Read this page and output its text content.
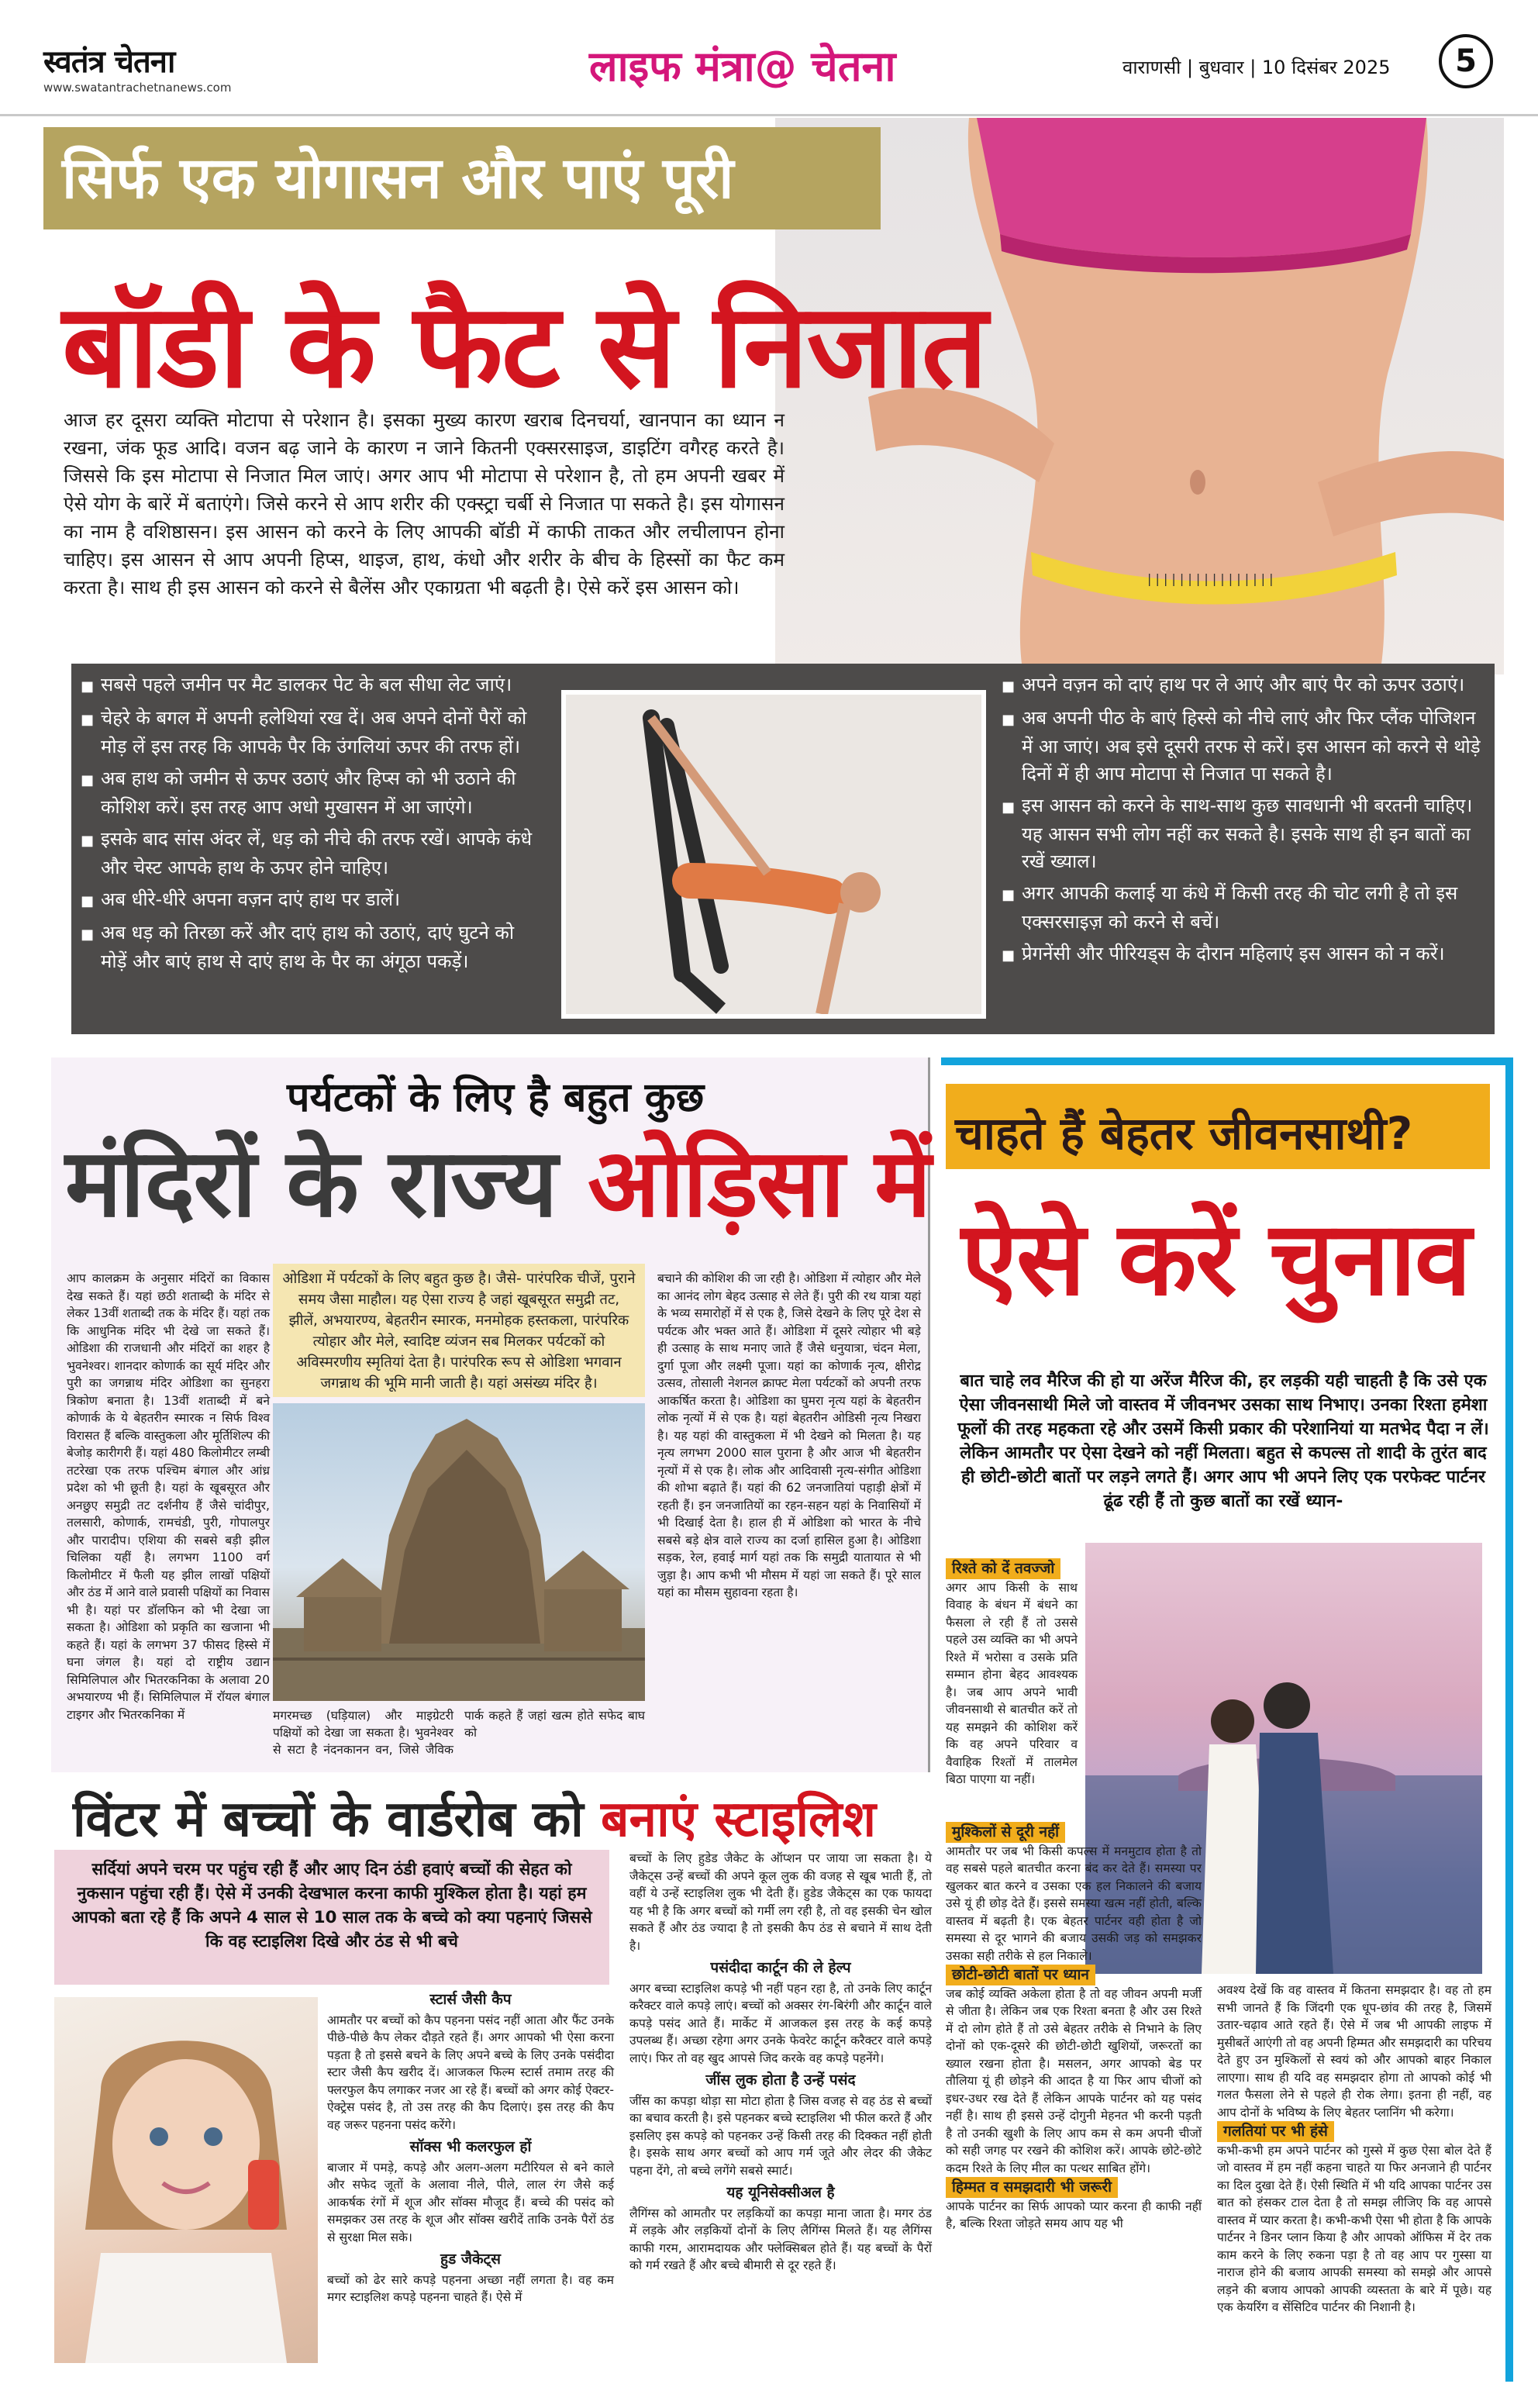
स्वतंत्र चेतना
www.swatantrachetnanews.com	लाइफ मंत्रा@ चेतना	वाराणसी | बुधवार | 10 दिसंबर 2025	5
| | | | | | | | | | | | | | | |
सिर्फ एक योगासन और पाएं पूरी
बॉडी के फैट से निजात
आज हर दूसरा व्यक्ति मोटापा से परेशान है। इसका मुख्य कारण खराब दिनचर्या, खानपान का ध्यान न रखना, जंक फूड आदि। वजन बढ़ जाने के कारण न जाने कितनी एक्सरसाइज, डाइटिंग वगैरह करते है। जिससे कि इस मोटापा से निजात मिल जाएं। अगर आप भी मोटापा से परेशान है, तो हम अपनी खबर में ऐसे योग के बारें में बताएंगे। जिसे करने से आप शरीर की एक्स्ट्रा चर्बी से निजात पा सकते है। इस योगासन का नाम है वशिष्ठासन। इस आसन को करने के लिए आपकी बॉडी में काफी ताकत और लचीलापन होना चाहिए। इस आसन से आप अपनी हिप्स, थाइज, हाथ, कंधो और शरीर के बीच के हिस्सों का फैट कम करता है। साथ ही इस आसन को करने से बैलेंस और एकाग्रता भी बढ़ती है। ऐसे करें इस आसन को।
■ सबसे पहले जमीन पर मैट डालकर पेट के बल सीधा लेट जाएं।
■ चेहरे के बगल में अपनी हलेथियां रख दें। अब अपने दोनों पैरों को मोड़ लें इस तरह कि आपके पैर कि उंगलियां ऊपर की तरफ हों।
■ अब हाथ को जमीन से ऊपर उठाएं और हिप्स को भी उठाने की कोशिश करें। इस तरह आप अधो मुखासन में आ जाएंगे।
■ इसके बाद सांस अंदर लें, धड़ को नीचे की तरफ रखें। आपके कंधे और चेस्ट आपके हाथ के ऊपर होने चाहिए।
■ अब धीरे-धीरे अपना वज़न दाएं हाथ पर डालें।
■ अब धड़ को तिरछा करें और दाएं हाथ को उठाएं, दाएं घुटने को मोड़ें और बाएं हाथ से दाएं हाथ के पैर का अंगूठा पकड़ें।
■ अपने वज़न को दाएं हाथ पर ले आएं और बाएं पैर को ऊपर उठाएं।
■ अब अपनी पीठ के बाएं हिस्से को नीचे लाएं और फिर प्लैंक पोजिशन में आ जाएं। अब इसे दूसरी तरफ से करें। इस आसन को करने से थोड़े दिनों में ही आप मोटापा से निजात पा सकते है।
■ इस आसन को करने के साथ-साथ कुछ सावधानी भी बरतनी चाहिए। यह आसन सभी लोग नहीं कर सकते है। इसके साथ ही इन बातों का रखें ख्याल।
■ अगर आपकी कलाई या कंधे में किसी तरह की चोट लगी है तो इस एक्सरसाइज़ को करने से बचें।
■ प्रेगनेंसी और पीरियड्स के दौरान महिलाएं इस आसन को न करें।
पर्यटकों के लिए है बहुत कुछ
मंदिरों के राज्य ओड़िसा में
आप कालक्रम के अनुसार मंदिरों का विकास देख सकते हैं। यहां छठी शताब्दी के मंदिर से लेकर 13वीं शताब्दी तक के मंदिर हैं। यहां तक कि आधुनिक मंदिर भी देखे जा सकते हैं। ओडिशा की राजधानी और मंदिरों का शहर है भुवनेश्वर। शानदार कोणार्क का सूर्य मंदिर और पुरी का जगन्नाथ मंदिर ओडिशा का सुनहरा त्रिकोण बनाता है। 13वीं शताब्दी में बने कोणार्क के ये बेहतरीन स्मारक न सिर्फ विश्व विरासत हैं बल्कि वास्तुकला और मूर्तिशिल्प की बेजोड़ कारीगरी हैं। यहां 480 किलोमीटर लम्बी तटरेखा एक तरफ पश्चिम बंगाल और आंध्र प्रदेश को भी छूती है। यहां के खूबसूरत और अनछुए समुद्री तट दर्शनीय हैं जैसे चांदीपुर, तलसारी, कोणार्क, रामचंडी, पुरी, गोपालपुर और पारादीप। एशिया की सबसे बड़ी झील चिलिका यहीं है। लगभग 1100 वर्ग किलोमीटर में फैली यह झील लाखों पक्षियों और ठंड में आने वाले प्रवासी पक्षियों का निवास भी है। यहां पर डॉलफिन को भी देखा जा सकता है। ओडिशा को प्रकृति का खजाना भी कहते हैं। यहां के लगभग 37 फीसद हिस्से में घना जंगल है। यहां दो राष्ट्रीय उद्यान सिमिलिपाल और भितरकनिका के अलावा 20 अभयारण्य भी हैं। सिमिलिपाल में रॉयल बंगाल टाइगर और भितरकनिका में
ओडिशा में पर्यटकों के लिए बहुत कुछ है। जैसे- पारंपरिक चीजें, पुराने समय जैसा माहौल। यह ऐसा राज्य है जहां खूबसूरत समुद्री तट, झीलें, अभयारण्य, बेहतरीन स्मारक, मनमोहक हस्तकला, पारंपरिक त्योहार और मेले, स्वादिष्ट व्यंजन सब मिलकर पर्यटकों को अविस्मरणीय स्मृतियां देता है। पारंपरिक रूप से ओडिशा भगवान जगन्नाथ की भूमि मानी जाती है। यहां असंख्य मंदिर है।
मगरमच्छ (घड़ियाल) और माइग्रेटरी पक्षियों को देखा जा सकता है। भुवनेश्वर से सटा है नंदनकानन वन, जिसे जैविक पार्क कहते हैं जहां खत्म होते सफेद बाघ को
बचाने की कोशिश की जा रही है। ओडिशा में त्योहार और मेले का आनंद लोग बेहद उत्साह से लेते हैं। पुरी की रथ यात्रा यहां के भव्य समारोहों में से एक है, जिसे देखने के लिए पूरे देश से पर्यटक और भक्त आते हैं। ओडिशा में दूसरे त्योहार भी बड़े ही उत्साह के साथ मनाए जाते हैं जैसे धनुयात्रा, चंदन मेला, दुर्गा पूजा और लक्ष्मी पूजा। यहां का कोणार्क नृत्य, क्षीरोद्र उत्सव, तोसाली नेशनल क्राफ्ट मेला पर्यटकों को अपनी तरफ आकर्षित करता है। ओडिशा का घुमरा नृत्य यहां के बेहतरीन लोक नृत्यों में से एक है। यहां बेहतरीन ओडिसी नृत्य निखरा है। यह यहां की वास्तुकला में भी देखने को मिलता है। यह नृत्य लगभग 2000 साल पुराना है और आज भी बेहतरीन नृत्यों में से एक है। लोक और आदिवासी नृत्य-संगीत ओडिशा की शोभा बढ़ाते हैं। यहां की 62 जनजातियां पहाड़ी क्षेत्रों में रहती हैं। इन जनजातियों का रहन-सहन यहां के निवासियों में भी दिखाई देता है। हाल ही में ओडिशा को भारत के नीचे सबसे बड़े क्षेत्र वाले राज्य का दर्जा हासिल हुआ है। ओडिशा सड़क, रेल, हवाई मार्ग यहां तक कि समुद्री यातायात से भी जुड़ा है। आप कभी भी मौसम में यहां जा सकते हैं। पूरे साल यहां का मौसम सुहावना रहता है।
चाहते हैं बेहतर जीवनसाथी?
ऐसे करें चुनाव
बात चाहे लव मैरिज की हो या अरेंज मैरिज की, हर लड़की यही चाहती है कि उसे एक ऐसा जीवनसाथी मिले जो वास्तव में जीवनभर उसका साथ निभाए। उनका रिश्ता हमेशा फूलों की तरह महकता रहे और उसमें किसी प्रकार की परेशानियां या मतभेद पैदा न लें। लेकिन आमतौर पर ऐसा देखने को नहीं मिलता। बहुत से कपल्स तो शादी के तुरंत बाद ही छोटी-छोटी बातों पर लड़ने लगते हैं। अगर आप भी अपने लिए एक परफेक्ट पार्टनर ढूंढ रही हैं तो कुछ बातों का रखें ध्यान-
रिश्ते को दें तवज्जो

अगर आप किसी के साथ विवाह के बंधन में बंधने का फैसला ले रही हैं तो उससे पहले उस व्यक्ति का भी अपने रिश्ते में भरोसा व उसके प्रति सम्मान होना बेहद आवश्यक है। जब आप अपने भावी जीवनसाथी से बातचीत करें तो यह समझने की कोशिश करें कि वह अपने परिवार व वैवाहिक रिश्तों में तालमेल बिठा पाएगा या नहीं।

मुश्किलों से दूरी नहीं

आमतौर पर जब भी किसी कपल्स में मनमुटाव होता है तो वह सबसे पहले बातचीत करना बंद कर देते हैं। समस्या पर खुलकर बात करने व उसका एक हल निकालने की बजाय उसे यूं ही छोड़ देते हैं। इससे समस्या खत्म नहीं होती, बल्कि वास्तव में बढ़ती है। एक बेहतर पार्टनर वही होता है जो समस्या से दूर भागने की बजाय उसकी जड़ को समझकर उसका सही तरीके से हल निकाले।

छोटी-छोटी बातों पर ध्यान

जब कोई व्यक्ति अकेला होता है तो वह जीवन अपनी मर्जी से जीता है। लेकिन जब एक रिश्ता बनता है और उस रिश्ते में दो लोग होते हैं तो उसे बेहतर तरीके से निभाने के लिए दोनों को एक-दूसरे की छोटी-छोटी खुशियों, जरूरतों का ख्याल रखना होता है। मसलन, अगर आपको बेड पर तौलिया यूं ही छोड़ने की आदत है या फिर आप चीजों को इधर-उधर रख देते हैं लेकिन आपके पार्टनर को यह पसंद नहीं है। साथ ही इससे उन्हें दोगुनी मेहनत भी करनी पड़ती है तो उनकी खुशी के लिए आप कम से कम अपनी चीजों को सही जगह पर रखने की कोशिश करें। आपके छोटे-छोटे कदम रिश्ते के लिए मील का पत्थर साबित होंगे।

हिम्मत व समझदारी भी जरूरी

आपके पार्टनर का सिर्फ आपको प्यार करना ही काफी नहीं है, बल्कि रिश्ता जोड़ते समय आप यह भी

अवश्य देखें कि वह वास्तव में कितना समझदार है। वह तो हम सभी जानते हैं कि जिंदगी एक धूप-छांव की तरह है, जिसमें उतार-चढ़ाव आते रहते हैं। ऐसे में जब भी आपकी लाइफ में मुसीबतें आएंगी तो वह अपनी हिम्मत और समझदारी का परिचय देते हुए उन मुश्किलों से स्वयं को और आपको बाहर निकाल लाएगा। साथ ही यदि वह समझदार होगा तो आपको कोई भी गलत फैसला लेने से पहले ही रोक लेगा। इतना ही नहीं, वह आप दोनों के भविष्य के लिए बेहतर प्लानिंग भी करेगा।

गलतियां पर भी हंसे

कभी-कभी हम अपने पार्टनर को गुस्से में कुछ ऐसा बोल देते हैं जो वास्तव में हम नहीं कहना चाहते या फिर अनजाने ही पार्टनर का दिल दुखा देते हैं। ऐसी स्थिति में भी यदि आपका पार्टनर उस बात को हंसकर टाल देता है तो समझ लीजिए कि वह आपसे वास्तव में प्यार करता है। कभी-कभी ऐसा भी होता है कि आपके पार्टनर ने डिनर प्लान किया है और आपको ऑफिस में देर तक काम करने के लिए रुकना पड़ा है तो वह आप पर गुस्सा या नाराज होने की बजाय आपकी समस्या को समझे और आपसे लड़ने की बजाय आपको आपकी व्यस्तता के बारे में पूछे। यह एक केयरिंग व सेंसिटिव पार्टनर की निशानी है।

विंटर में बच्चों के वार्डरोब को बनाएं स्टाइलिश
सर्दियां अपने चरम पर पहुंच रही हैं और आए दिन ठंडी हवाएं बच्चों की सेहत को नुकसान पहुंचा रही हैं। ऐसे में उनकी देखभाल करना काफी मुश्किल होता है। यहां हम आपको बता रहे हैं कि अपने 4 साल से 10 साल तक के बच्चे को क्या पहनाएं जिससे कि वह स्टाइलिश दिखे और ठंड से भी बचे
स्टार्स जैसी कैप

आमतौर पर बच्चों को कैप पहनना पसंद नहीं आता और फैंट उनके पीछे-पीछे कैप लेकर दौड़ते रहते हैं। अगर आपको भी ऐसा करना पड़ता है तो इससे बचने के लिए अपने बच्चे के लिए उनके पसंदीदा स्टार जैसी कैप खरीद दें। आजकल फिल्म स्टार्स तमाम तरह की फ्लरफुल कैप लगाकर नजर आ रहे हैं। बच्चों को अगर कोई ऐक्टर-ऐक्ट्रेस पसंद है, तो उस तरह की कैप दिलाएं। इस तरह की कैप वह जरूर पहनना पसंद करेंगे।

सॉक्स भी कलरफुल हों

बाजार में पमड़े, कपड़े और अलग-अलग मटीरियल से बने काले और सफेद जूतों के अलावा नीले, पीले, लाल रंग जैसे कई आकर्षक रंगों में शूज और सॉक्स मौजूद हैं। बच्चे की पसंद को समझकर उस तरह के शूज और सॉक्स खरीदें ताकि उनके पैरों ठंड से सुरक्षा मिल सके।

हुड जैकेट्स

बच्चों को ढेर सारे कपड़े पहनना अच्छा नहीं लगता है। वह कम मगर स्टाइलिश कपड़े पहनना चाहते हैं। ऐसे में

बच्चों के लिए हुडेड जैकेट के ऑप्शन पर जाया जा सकता है। ये जैकेट्स उन्हें बच्चों की अपने कूल लुक की वजह से खूब भाती हैं, तो वहीं ये उन्हें स्टाइलिश लुक भी देती हैं। हुडेड जैकेट्स का एक फायदा यह भी है कि अगर बच्चों को गर्मी लग रही है, तो वह इसकी चेन खोल सकते हैं और ठंड ज्यादा है तो इसकी कैप ठंड से बचाने में साथ देती है।

पसंदीदा कार्टून की ले हेल्प

अगर बच्चा स्टाइलिश कपड़े भी नहीं पहन रहा है, तो उनके लिए कार्टून करैक्टर वाले कपड़े लाएं। बच्चों को अक्सर रंग-बिरंगी और कार्टून वाले कपड़े पसंद आते हैं। मार्केट में आजकल इस तरह के कई कपड़े उपलब्ध हैं। अच्छा रहेगा अगर उनके फेवरेट कार्टून करैक्टर वाले कपड़े लाएं। फिर तो वह खुद आपसे जिद करके वह कपड़े पहनेंगे।

जींस लुक होता है उन्हें पसंद

जींस का कपड़ा थोड़ा सा मोटा होता है जिस वजह से वह ठंड से बच्चों का बचाव करती है। इसे पहनकर बच्चे स्टाइलिश भी फील करते हैं और इसलिए इस कपड़े को पहनकर उन्हें किसी तरह की दिक्कत नहीं होती है। इसके साथ अगर बच्चों को आप गर्म जूते और लेदर की जैकेट पहना देंगे, तो बच्चे लगेंगे सबसे स्मार्ट।

यह यूनिसेक्सीअल है

लैगिंग्स को आमतौर पर लड़कियों का कपड़ा माना जाता है। मगर ठंड में लड़के और लड़कियों दोनों के लिए लैगिंग्स मिलते हैं। यह लैगिंग्स काफी गरम, आरामदायक और फ्लेक्सिबल होते हैं। यह बच्चों के पैरों को गर्म रखते हैं और बच्चे बीमारी से दूर रहते हैं।
